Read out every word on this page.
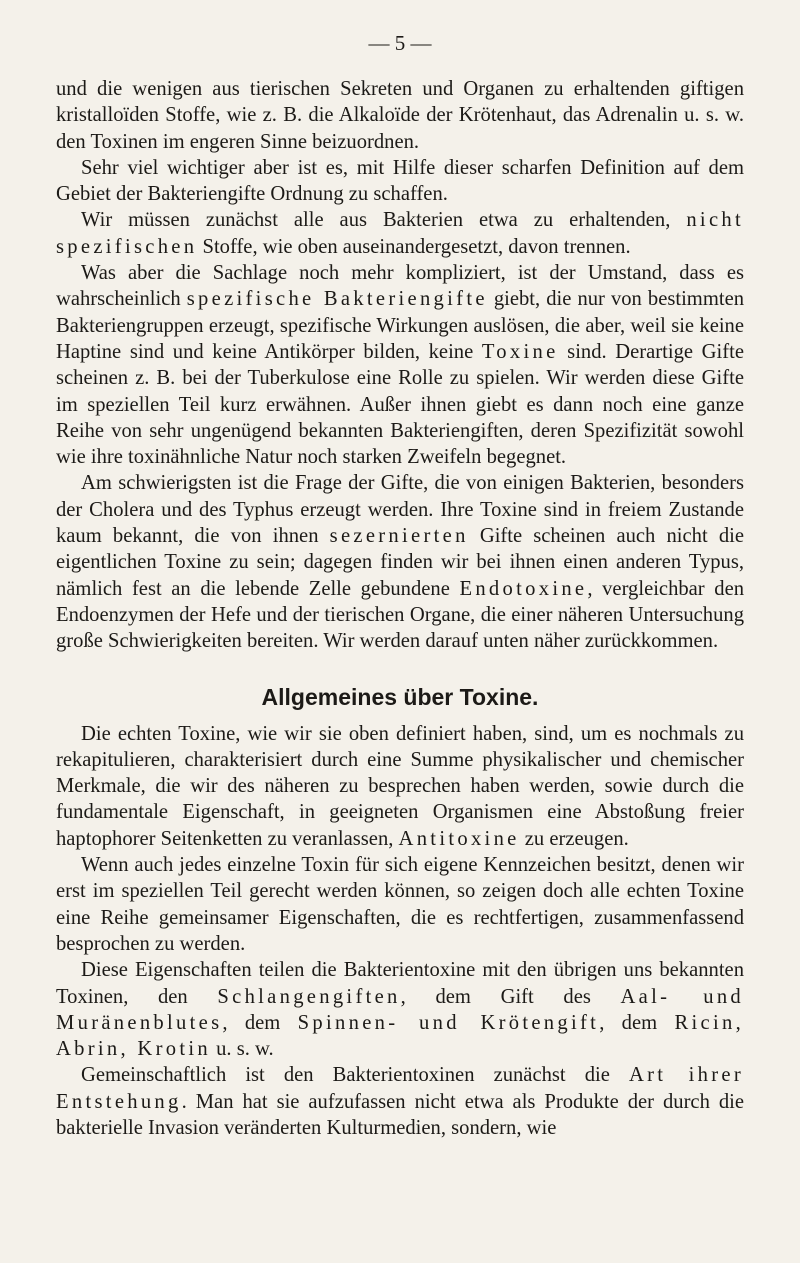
— 5 —

und die wenigen aus tierischen Sekreten und Organen zu erhaltenden giftigen kristalloïden Stoffe, wie z. B. die Alkaloïde der Krötenhaut, das Adrenalin u. s. w. den Toxinen im engeren Sinne beizuordnen.

Sehr viel wichtiger aber ist es, mit Hilfe dieser scharfen Definition auf dem Gebiet der Bakteriengifte Ordnung zu schaffen.

Wir müssen zunächst alle aus Bakterien etwa zu erhaltenden, nicht spezifischen Stoffe, wie oben auseinandergesetzt, davon trennen.

Was aber die Sachlage noch mehr kompliziert, ist der Umstand, dass es wahrscheinlich spezifische Bakteriengifte giebt, die nur von bestimmten Bakteriengruppen erzeugt, spezifische Wirkungen auslösen, die aber, weil sie keine Haptine sind und keine Antikörper bilden, keine Toxine sind. Derartige Gifte scheinen z. B. bei der Tuberkulose eine Rolle zu spielen. Wir werden diese Gifte im speziellen Teil kurz erwähnen. Außer ihnen giebt es dann noch eine ganze Reihe von sehr ungenügend bekannten Bakteriengiften, deren Spezifizität sowohl wie ihre toxinähnliche Natur noch starken Zweifeln begegnet.

Am schwierigsten ist die Frage der Gifte, die von einigen Bakterien, besonders der Cholera und des Typhus erzeugt werden. Ihre Toxine sind in freiem Zustande kaum bekannt, die von ihnen sezernierten Gifte scheinen auch nicht die eigentlichen Toxine zu sein; dagegen finden wir bei ihnen einen anderen Typus, nämlich fest an die lebende Zelle gebundene Endotoxine, vergleichbar den Endoenzymen der Hefe und der tierischen Organe, die einer näheren Untersuchung große Schwierigkeiten bereiten. Wir werden darauf unten näher zurückkommen.

Allgemeines über Toxine.

Die echten Toxine, wie wir sie oben definiert haben, sind, um es nochmals zu rekapitulieren, charakterisiert durch eine Summe physikalischer und chemischer Merkmale, die wir des näheren zu besprechen haben werden, sowie durch die fundamentale Eigenschaft, in geeigneten Organismen eine Abstoßung freier haptophorer Seitenketten zu veranlassen, Antitoxine zu erzeugen.

Wenn auch jedes einzelne Toxin für sich eigene Kennzeichen besitzt, denen wir erst im speziellen Teil gerecht werden können, so zeigen doch alle echten Toxine eine Reihe gemeinsamer Eigenschaften, die es rechtfertigen, zusammenfassend besprochen zu werden.

Diese Eigenschaften teilen die Bakterientoxine mit den übrigen uns bekannten Toxinen, den Schlangengiften, dem Gift des Aal- und Muränenblutes, dem Spinnen- und Krötengift, dem Ricin, Abrin, Krotin u. s. w.

Gemeinschaftlich ist den Bakterientoxinen zunächst die Art ihrer Entstehung. Man hat sie aufzufassen nicht etwa als Produkte der durch die bakterielle Invasion veränderten Kulturmedien, sondern, wie
